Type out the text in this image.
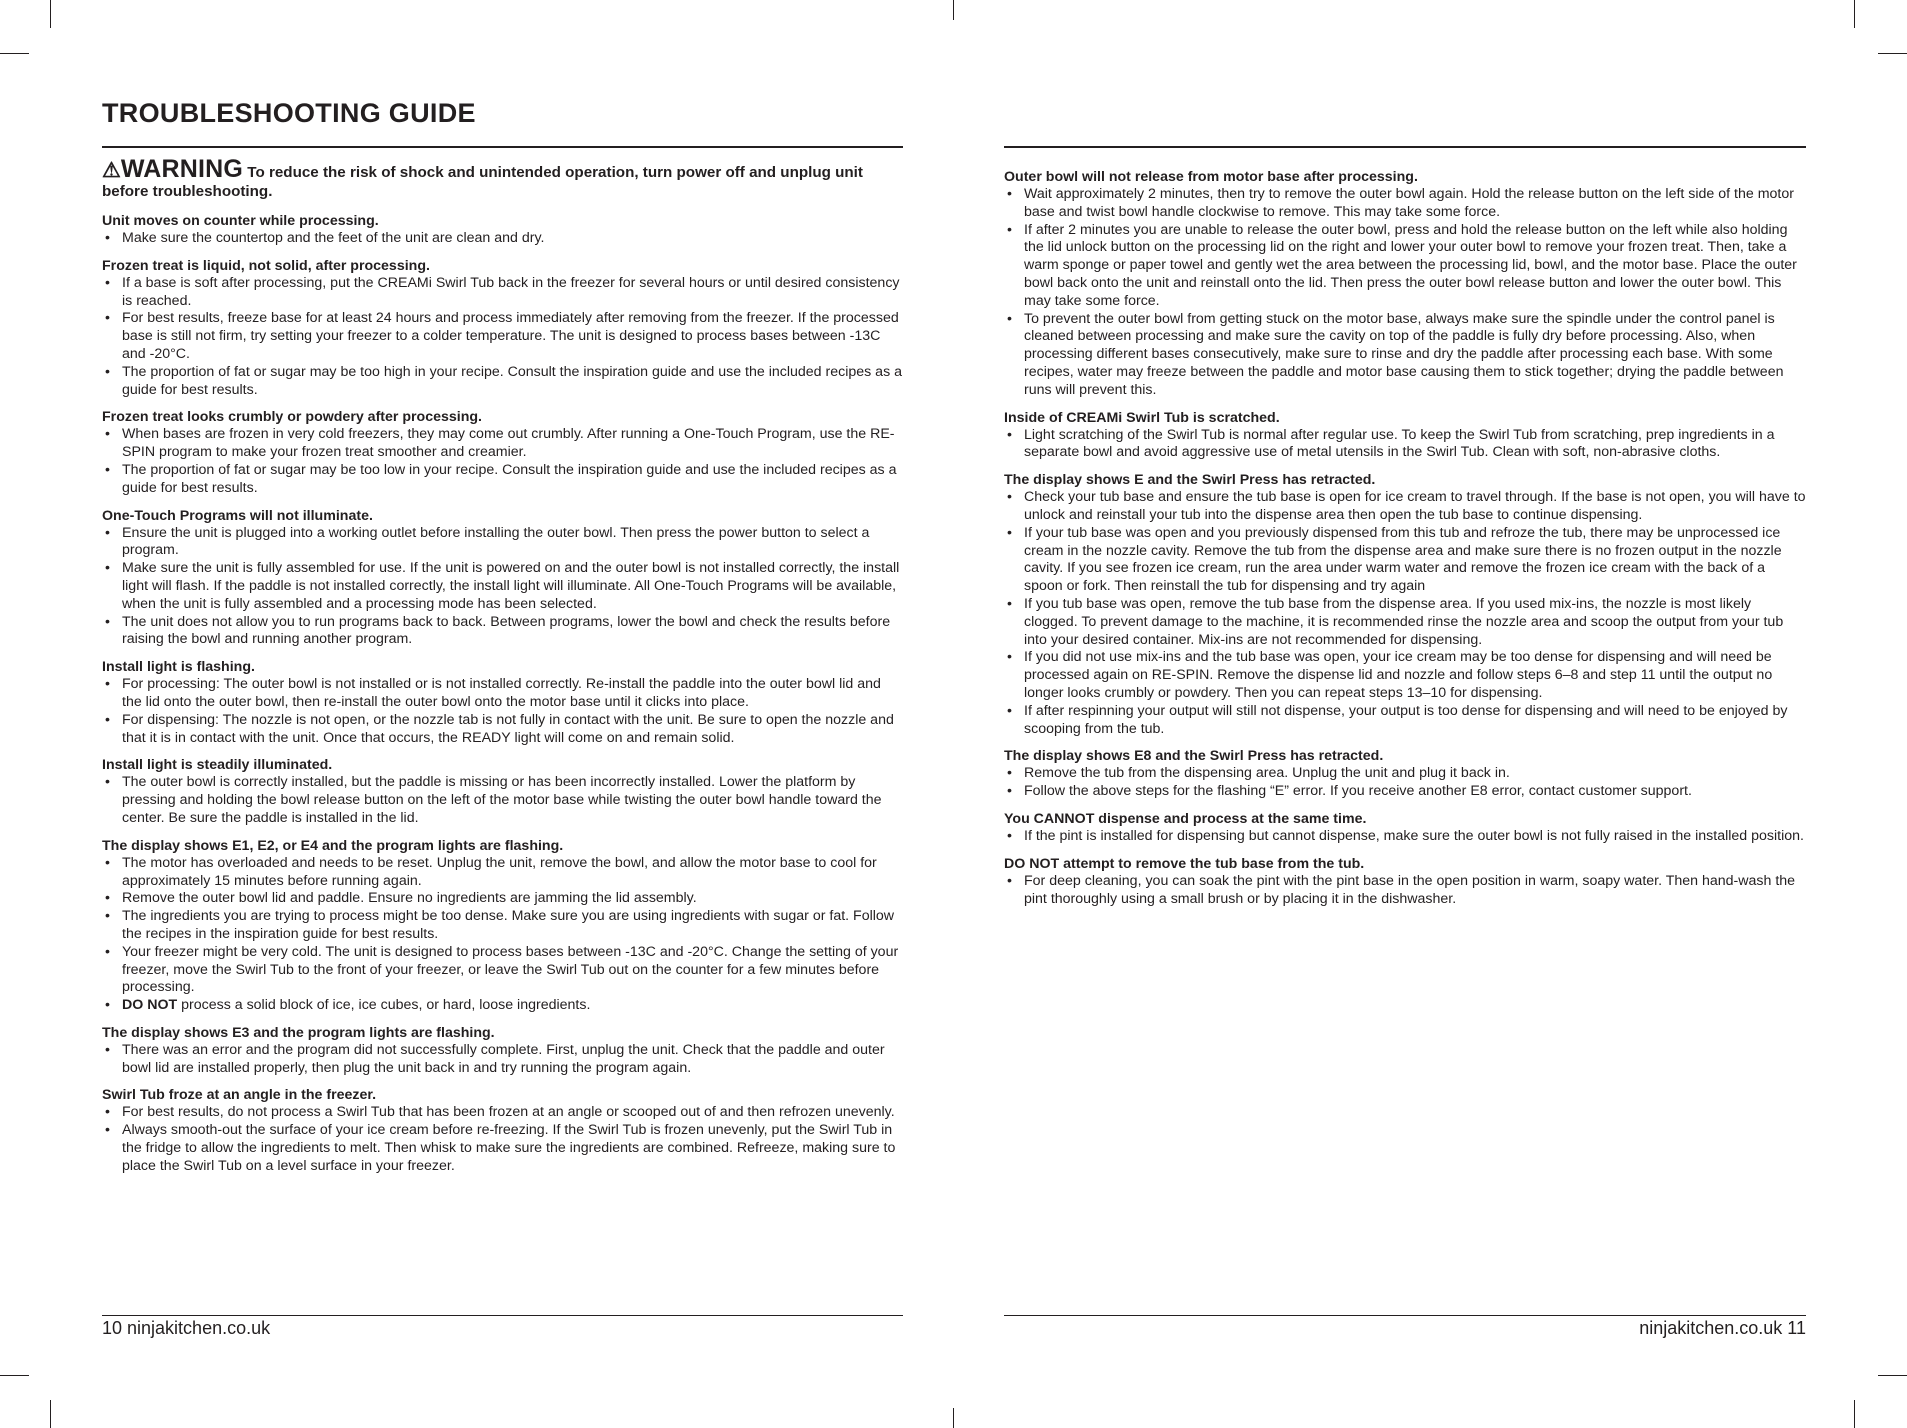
TROUBLESHOOTING GUIDE

⚠WARNING To reduce the risk of shock and unintended operation, turn power off and unplug unit before troubleshooting.

Unit moves on counter while processing.
• Make sure the countertop and the feet of the unit are clean and dry.
Frozen treat is liquid, not solid, after processing.
• If a base is soft after processing, put the CREAMi Swirl Tub back in the freezer for several hours or until desired consistency is reached.
• For best results, freeze base for at least 24 hours and process immediately after removing from the freezer. If the processed base is still not firm, try setting your freezer to a colder temperature. The unit is designed to process bases between -13C and -20°C.
• The proportion of fat or sugar may be too high in your recipe. Consult the inspiration guide and use the included recipes as a guide for best results.
Frozen treat looks crumbly or powdery after processing.
• When bases are frozen in very cold freezers, they may come out crumbly. After running a One-Touch Program, use the RE-SPIN program to make your frozen treat smoother and creamier.
• The proportion of fat or sugar may be too low in your recipe. Consult the inspiration guide and use the included recipes as a guide for best results.
One-Touch Programs will not illuminate.
• Ensure the unit is plugged into a working outlet before installing the outer bowl. Then press the power button to select a program.
• Make sure the unit is fully assembled for use. If the unit is powered on and the outer bowl is not installed correctly, the install light will flash. If the paddle is not installed correctly, the install light will illuminate. All One-Touch Programs will be available, when the unit is fully assembled and a processing mode has been selected.
• The unit does not allow you to run programs back to back. Between programs, lower the bowl and check the results before raising the bowl and running another program.
Install light is flashing.
• For processing: The outer bowl is not installed or is not installed correctly. Re-install the paddle into the outer bowl lid and the lid onto the outer bowl, then re-install the outer bowl onto the motor base until it clicks into place.
• For dispensing: The nozzle is not open, or the nozzle tab is not fully in contact with the unit. Be sure to open the nozzle and that it is in contact with the unit. Once that occurs, the READY light will come on and remain solid.
Install light is steadily illuminated.
• The outer bowl is correctly installed, but the paddle is missing or has been incorrectly installed. Lower the platform by pressing and holding the bowl release button on the left of the motor base while twisting the outer bowl handle toward the center. Be sure the paddle is installed in the lid.
The display shows E1, E2, or E4 and the program lights are flashing.
• The motor has overloaded and needs to be reset. Unplug the unit, remove the bowl, and allow the motor base to cool for approximately 15 minutes before running again.
• Remove the outer bowl lid and paddle. Ensure no ingredients are jamming the lid assembly.
• The ingredients you are trying to process might be too dense. Make sure you are using ingredients with sugar or fat. Follow the recipes in the inspiration guide for best results.
• Your freezer might be very cold. The unit is designed to process bases between -13C and -20°C. Change the setting of your freezer, move the Swirl Tub to the front of your freezer, or leave the Swirl Tub out on the counter for a few minutes before processing.
• DO NOT process a solid block of ice, ice cubes, or hard, loose ingredients.
The display shows E3 and the program lights are flashing.
• There was an error and the program did not successfully complete. First, unplug the unit. Check that the paddle and outer bowl lid are installed properly, then plug the unit back in and try running the program again.
Swirl Tub froze at an angle in the freezer.
• For best results, do not process a Swirl Tub that has been frozen at an angle or scooped out of and then refrozen unevenly.
• Always smooth-out the surface of your ice cream before re-freezing. If the Swirl Tub is frozen unevenly, put the Swirl Tub in the fridge to allow the ingredients to melt. Then whisk to make sure the ingredients are combined. Refreeze, making sure to place the Swirl Tub on a level surface in your freezer.
Outer bowl will not release from motor base after processing.
• Wait approximately 2 minutes, then try to remove the outer bowl again. Hold the release button on the left side of the motor base and twist bowl handle clockwise to remove. This may take some force.
• If after 2 minutes you are unable to release the outer bowl, press and hold the release button on the left while also holding the lid unlock button on the processing lid on the right and lower your outer bowl to remove your frozen treat. Then, take a warm sponge or paper towel and gently wet the area between the processing lid, bowl, and the motor base. Place the outer bowl back onto the unit and reinstall onto the lid. Then press the outer bowl release button and lower the outer bowl. This may take some force.
• To prevent the outer bowl from getting stuck on the motor base, always make sure the spindle under the control panel is cleaned between processing and make sure the cavity on top of the paddle is fully dry before processing. Also, when processing different bases consecutively, make sure to rinse and dry the paddle after processing each base. With some recipes, water may freeze between the paddle and motor base causing them to stick together; drying the paddle between runs will prevent this.
Inside of CREAMi Swirl Tub is scratched.
• Light scratching of the Swirl Tub is normal after regular use. To keep the Swirl Tub from scratching, prep ingredients in a separate bowl and avoid aggressive use of metal utensils in the Swirl Tub. Clean with soft, non-abrasive cloths.
The display shows E and the Swirl Press has retracted.
• Check your tub base and ensure the tub base is open for ice cream to travel through. If the base is not open, you will have to unlock and reinstall your tub into the dispense area then open the tub base to continue dispensing.
• If your tub base was open and you previously dispensed from this tub and refroze the tub, there may be unprocessed ice cream in the nozzle cavity. Remove the tub from the dispense area and make sure there is no frozen output in the nozzle cavity. If you see frozen ice cream, run the area under warm water and remove the frozen ice cream with the back of a spoon or fork. Then reinstall the tub for dispensing and try again
• If you tub base was open, remove the tub base from the dispense area. If you used mix-ins, the nozzle is most likely clogged. To prevent damage to the machine, it is recommended rinse the nozzle area and scoop the output from your tub into your desired container. Mix-ins are not recommended for dispensing.
• If you did not use mix-ins and the tub base was open, your ice cream may be too dense for dispensing and will need be processed again on RE-SPIN. Remove the dispense lid and nozzle and follow steps 6–8 and step 11 until the output no longer looks crumbly or powdery. Then you can repeat steps 13–10 for dispensing.
• If after respinning your output will still not dispense, your output is too dense for dispensing and will need to be enjoyed by scooping from the tub.
The display shows E8 and the Swirl Press has retracted.
• Remove the tub from the dispensing area. Unplug the unit and plug it back in.
• Follow the above steps for the flashing “E” error. If you receive another E8 error, contact customer support.
You CANNOT dispense and process at the same time.
• If the pint is installed for dispensing but cannot dispense, make sure the outer bowl is not fully raised in the installed position.
DO NOT attempt to remove the tub base from the tub.
• For deep cleaning, you can soak the pint with the pint base in the open position in warm, soapy water. Then hand-wash the pint thoroughly using a small brush or by placing it in the dishwasher.

10 ninjakitchen.co.uk	ninjakitchen.co.uk 11
